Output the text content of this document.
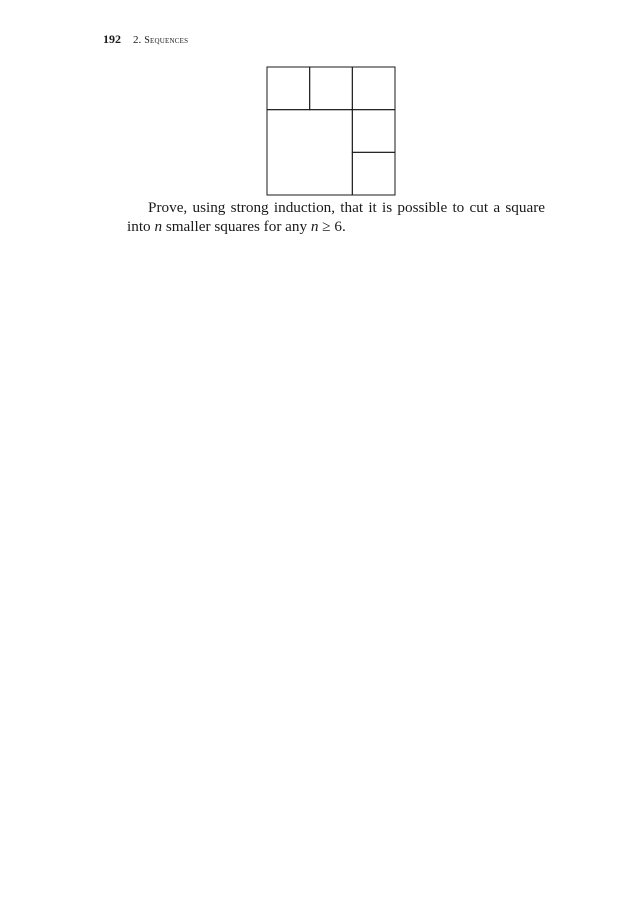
192 2. Sequences

Prove, using strong induction, that it is possible to cut a square into n smaller squares for any n ≥ 6.
